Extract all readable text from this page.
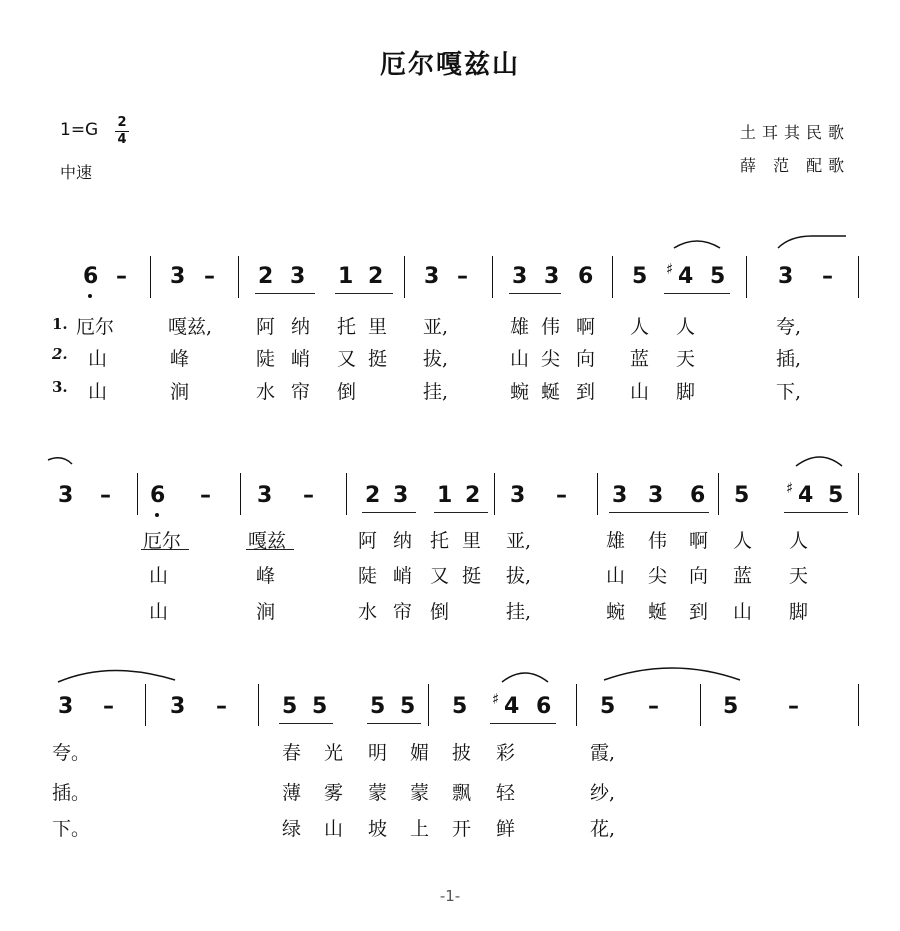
厄尔嘎兹山
1=G 2
4
中速
土耳其民歌
薛 范 配歌
6 – 3 – 2 3 1 2 3 – 3 3 6 5 ♯ 4 5 3 –
1.
2.
3.
厄尔	嘎兹, 阿 纳 托 里 亚,	雄 伟 啊 人 人	夸,
山	峰	陡 峭 又 挺 拔,	山 尖 向 蓝 天	插,
山	涧	水 帘 倒	挂,	蜿 蜒 到 山 脚	下,
3 – 6 – 3 – 2 3 1 2 3 – 3 3 6 5 ♯ 4 5
厄尔	嘎兹	阿 纳 托 里 亚,	雄 伟 啊 人 人
山	峰	陡 峭 又 挺 拔,	山 尖 向 蓝 天
山	涧	水 帘 倒	挂,	蜿 蜒 到 山 脚
3 –	3 –	5 5 5 5 5 ♯ 4 6 5 –	5 –
夸。	春 光 明 媚 披 彩	霞,
插。	薄 雾 蒙 蒙 飘 轻	纱,
下。	绿 山 坡 上 开 鲜	花,
-1-
